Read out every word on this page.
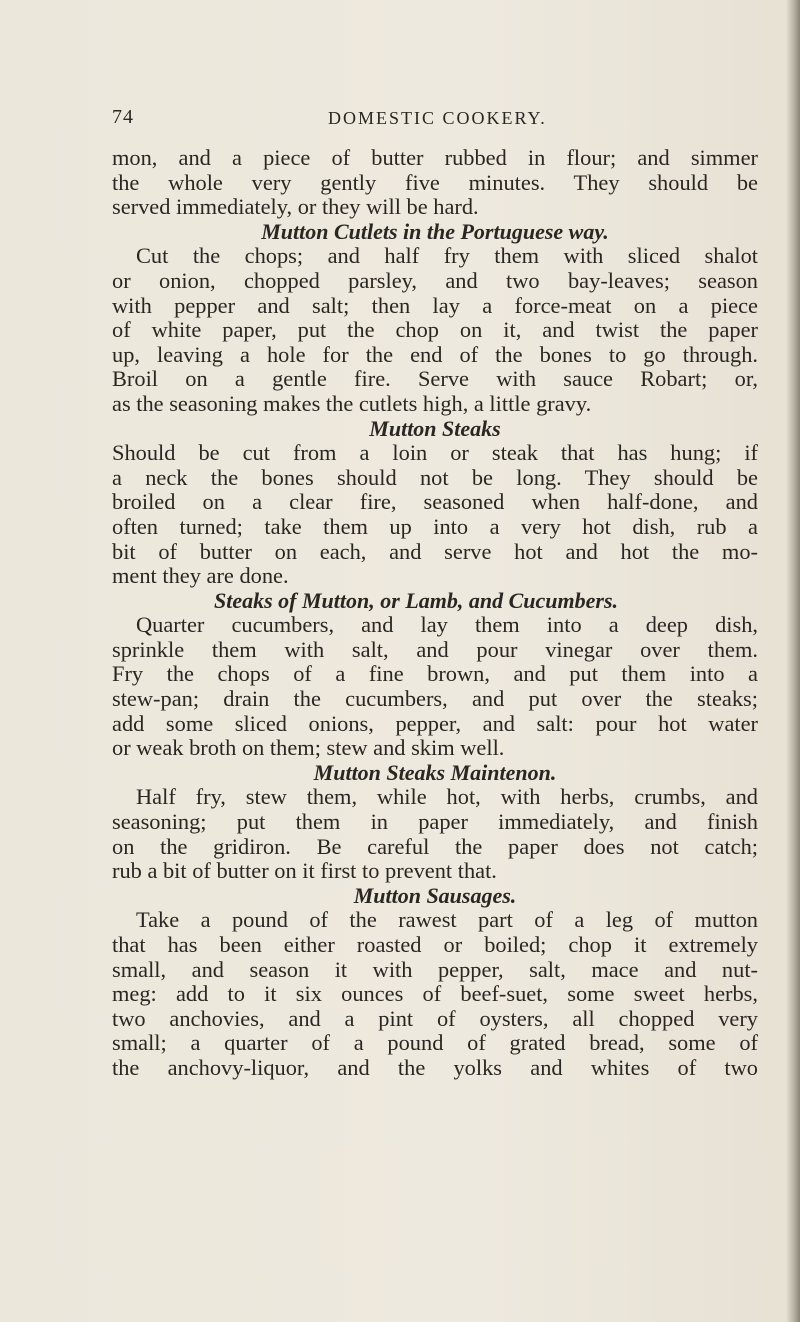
74	DOMESTIC COOKERY.
mon, and a piece of butter rubbed in flour; and simmer
the whole very gently five minutes. They should be
served immediately, or they will be hard.
Mutton Cutlets in the Portuguese way.
Cut the chops; and half fry them with sliced shalot
or onion, chopped parsley, and two bay-leaves; season
with pepper and salt; then lay a force-meat on a piece
of white paper, put the chop on it, and twist the paper
up, leaving a hole for the end of the bones to go through.
Broil on a gentle fire. Serve with sauce Robart; or,
as the seasoning makes the cutlets high, a little gravy.
Mutton Steaks
Should be cut from a loin or steak that has hung; if
a neck the bones should not be long. They should be
broiled on a clear fire, seasoned when half-done, and
often turned; take them up into a very hot dish, rub a
bit of butter on each, and serve hot and hot the mo-
ment they are done.
Steaks of Mutton, or Lamb, and Cucumbers.
Quarter cucumbers, and lay them into a deep dish,
sprinkle them with salt, and pour vinegar over them.
Fry the chops of a fine brown, and put them into a
stew-pan; drain the cucumbers, and put over the steaks;
add some sliced onions, pepper, and salt: pour hot water
or weak broth on them; stew and skim well.
Mutton Steaks Maintenon.
Half fry, stew them, while hot, with herbs, crumbs, and
seasoning; put them in paper immediately, and finish
on the gridiron. Be careful the paper does not catch;
rub a bit of butter on it first to prevent that.
Mutton Sausages.
Take a pound of the rawest part of a leg of mutton
that has been either roasted or boiled; chop it extremely
small, and season it with pepper, salt, mace and nut-
meg: add to it six ounces of beef-suet, some sweet herbs,
two anchovies, and a pint of oysters, all chopped very
small; a quarter of a pound of grated bread, some of
the anchovy-liquor, and the yolks and whites of two
